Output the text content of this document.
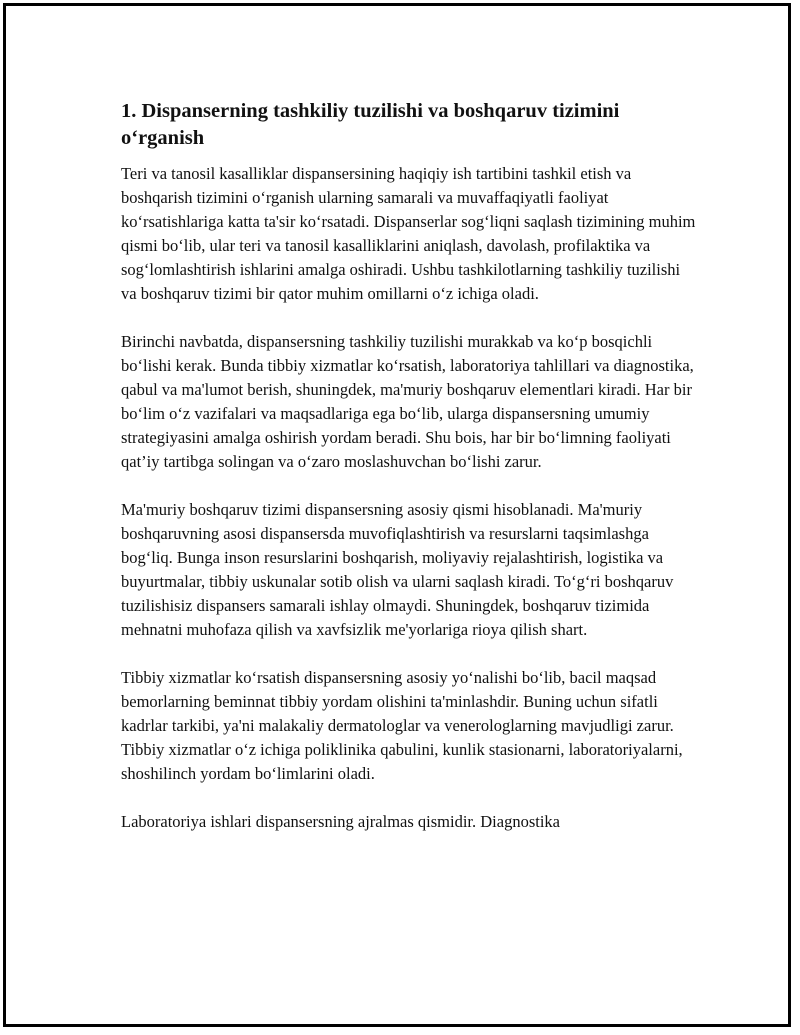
1. Dispanserning tashkiliy tuzilishi va boshqaruv tizimini o‘rganish

Teri va tanosil kasalliklar dispansersining haqiqiy ish tartibini tashkil etish va boshqarish tizimini o‘rganish ularning samarali va muvaffaqiyatli faoliyat ko‘rsatishlariga katta ta'sir ko‘rsatadi. Dispanserlar sog‘liqni saqlash tizimining muhim qismi bo‘lib, ular teri va tanosil kasalliklarini aniqlash, davolash, profilaktika va sog‘lomlashtirish ishlarini amalga oshiradi. Ushbu tashkilotlarning tashkiliy tuzilishi va boshqaruv tizimi bir qator muhim omillarni o‘z ichiga oladi.

Birinchi navbatda, dispansersning tashkiliy tuzilishi murakkab va ko‘p bosqichli bo‘lishi kerak. Bunda tibbiy xizmatlar ko‘rsatish, laboratoriya tahlillari va diagnostika, qabul va ma'lumot berish, shuningdek, ma'muriy boshqaruv elementlari kiradi. Har bir bo‘lim o‘z vazifalari va maqsadlariga ega bo‘lib, ularga dispansersning umumiy strategiyasini amalga oshirish yordam beradi. Shu bois, har bir bo‘limning faoliyati qat’iy tartibga solingan va o‘zaro moslashuvchan bo‘lishi zarur.

Ma'muriy boshqaruv tizimi dispansersning asosiy qismi hisoblanadi. Ma'muriy boshqaruvning asosi dispansersda muvofiqlashtirish va resurslarni taqsimlashga bog‘liq. Bunga inson resurslarini boshqarish, moliyaviy rejalashtirish, logistika va buyurtmalar, tibbiy uskunalar sotib olish va ularni saqlash kiradi. To‘g‘ri boshqaruv tuzilishisiz dispansers samarali ishlay olmaydi. Shuningdek, boshqaruv tizimida mehnatni muhofaza qilish va xavfsizlik me'yorlariga rioya qilish shart.

Tibbiy xizmatlar ko‘rsatish dispansersning asosiy yo‘nalishi bo‘lib, bacil maqsad bemorlarning beminnat tibbiy yordam olishini ta'minlashdir. Buning uchun sifatli kadrlar tarkibi, ya'ni malakaliy dermatologlar va venerologlarning mavjudligi zarur. Tibbiy xizmatlar o‘z ichiga poliklinika qabulini, kunlik stasionarni, laboratoriyalarni, shoshilinch yordam bo‘limlarini oladi.

Laboratoriya ishlari dispansersning ajralmas qismidir. Diagnostika
